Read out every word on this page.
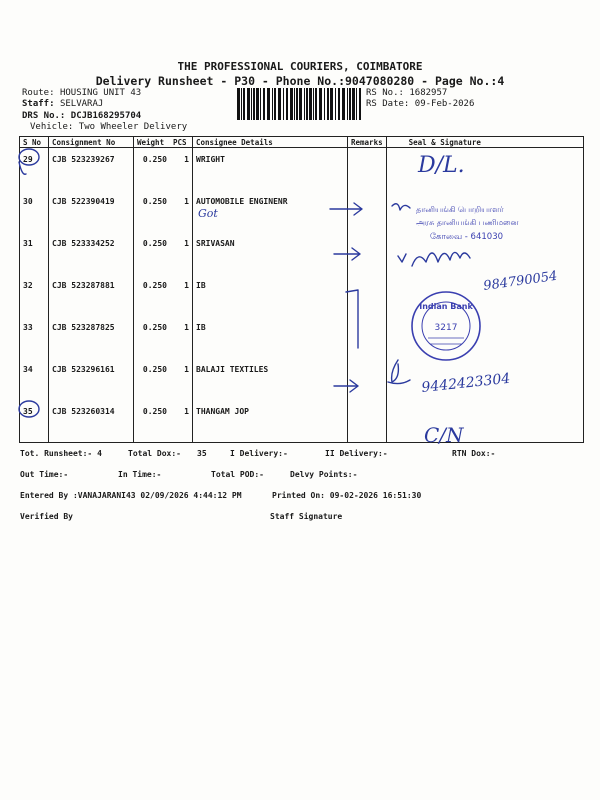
THE PROFESSIONAL COURIERS, COIMBATORE
Delivery Runsheet - P30 - Phone No.:9047080280 - Page No.:4
Route: HOUSING UNIT 43
Staff: SELVARAJ
DRS No.: DCJB168295704
Vehicle: Two Wheeler Delivery
RS No.: 1682957
RS Date: 09-Feb-2026
S No	Consignment No	Weight	PCS	Consignee Details	Remarks	Seal & Signature
29	CJB 523239267	0.250	1	WRIGHT		
30	CJB 522390419	0.250	1	AUTOMOBILE ENGINENR		
31	CJB 523334252	0.250	1	SRIVASAN		
32	CJB 523287881	0.250	1	IB		
33	CJB 523287825	0.250	1	IB		
34	CJB 523296161	0.250	1	BALAJI TEXTILES		
35	CJB 523260314	0.250	1	THANGAM JOP		
D/L.
Got	தானியங்கி பொறியாளர்
அரசு தானியங்கி பணிமனை
கோவை - 641030
984790054
Indian Bank
3217
9442423304
C/N
Tot. Runsheet:- 4	Total Dox:- 35	I Delivery:-	II Delivery:-	RTN Dox:-
Out Time:-	In Time:-	Total POD:-	Delvy Points:-
Entered By :VANAJARANI43 02/09/2026 4:44:12 PM	Printed On: 09-02-2026 16:51:30
Verified By	Staff Signature
